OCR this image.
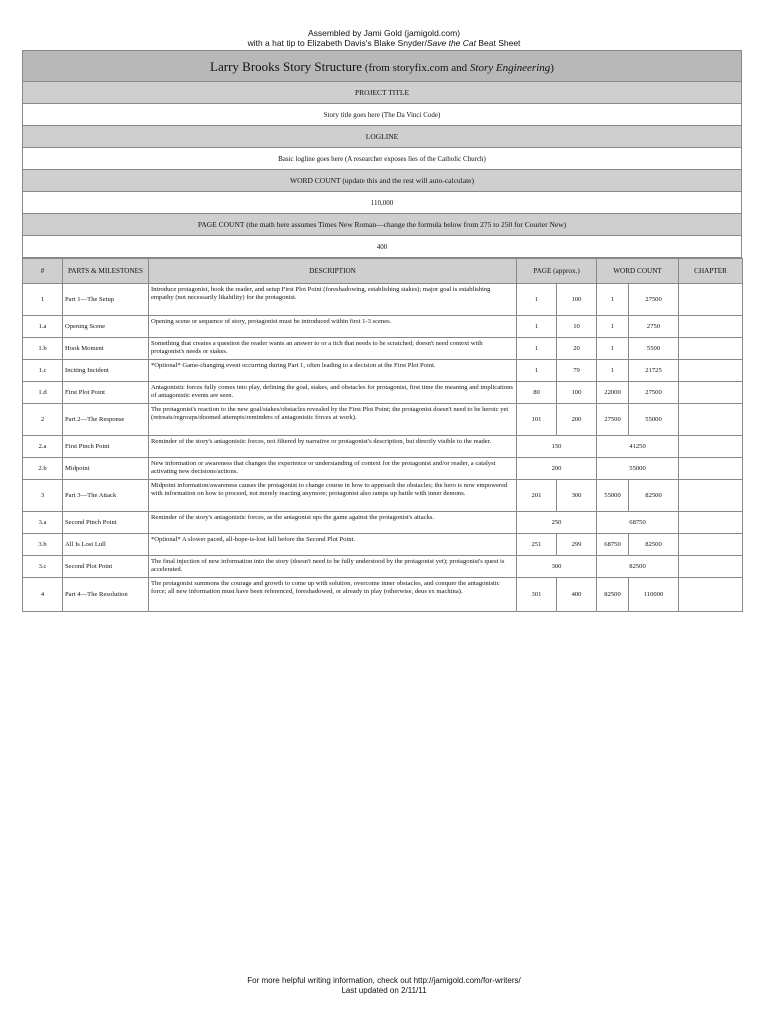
Assembled by Jami Gold (jamigold.com)
with a hat tip to Elizabeth Davis's Blake Snyder/Save the Cat Beat Sheet
Larry Brooks Story Structure (from storyfix.com and Story Engineering)
PROJECT TITLE
Story title goes here (The Da Vinci Code)
LOGLINE
Basic logline goes here (A researcher exposes lies of the Catholic Church)
WORD COUNT (update this and the rest will auto-calculate)
110,000
PAGE COUNT (the math here assumes Times New Roman—change the formula below from 275 to 250 for Courier New)
400
#	PARTS & MILESTONES	DESCRIPTION	PAGE (approx.)		WORD COUNT		CHAPTER
1	Part 1—The Setup	Introduce protagonist, hook the reader, and setup First Plot Point (foreshadowing, establishing stakes); major goal is establishing empathy (not necessarily likability) for the protagonist.	1	100	1	27500	
1.a	Opening Scene	Opening scene or sequence of story, protagonist must be introduced within first 1-3 scenes.	1	10	1	2750	
1.b	Hook Moment	Something that creates a question the reader wants an answer to or a itch that needs to be scratched; doesn't need context with protagonist's needs or stakes.	1	20	1	5500	
1.c	Inciting Incident	*Optional* Game-changing event occurring during Part 1, often leading to a decision at the First Plot Point.	1	79	1	21725	
1.d	First Plot Point	Antagonistic forces fully comes into play, defining the goal, stakes, and obstacles for protagonist, first time the meaning and implications of antagonistic events are seen.	80	100	22000	27500	
2	Part 2—The Response	The protagonist's reaction to the new goal/stakes/obstacles revealed by the First Plot Point; the protagonist doesn't need to be heroic yet (retreats/regroups/doomed attempts/reminders of antagonistic forces at work).	101	200	27500	55000	
2.a	First Pinch Point	Reminder of the story's antagonistic forces, not filtered by narrative or protagonist's description, but directly visible to the reader.	150		41250		
2.b	Midpoint	New information or awareness that changes the experience or understanding of context for the protagonist and/or reader, a catalyst activating new decisions/actions.	200		55000		
3	Part 3—The Attack	Midpoint information/awareness causes the protagonist to change course in how to approach the obstacles; the hero is now empowered with information on how to proceed, not merely reacting anymore; protagonist also ramps up battle with inner demons.	201	300	55000	82500	
3.a	Second Pinch Point	Reminder of the story's antagonistic forces, as the antagonist ups the game against the protagonist's attacks.	250		68750		
3.b	All Is Lost Lull	*Optional* A slower paced, all-hope-is-lost lull before the Second Plot Point.	251	299	68750	82500	
3.c	Second Plot Point	The final injection of new information into the story (doesn't need to be fully understood by the protagonist yet); protagonist's quest is accelerated.	300		82500		
4	Part 4—The Resolution	The protagonist summons the courage and growth to come up with solution, overcome inner obstacles, and conquer the antagonistic force; all new information must have been referenced, foreshadowed, or already in play (otherwise, deus ex machina).	301	400	82500	110000	
For more helpful writing information, check out http://jamigold.com/for-writers/
Last updated on 2/11/11
